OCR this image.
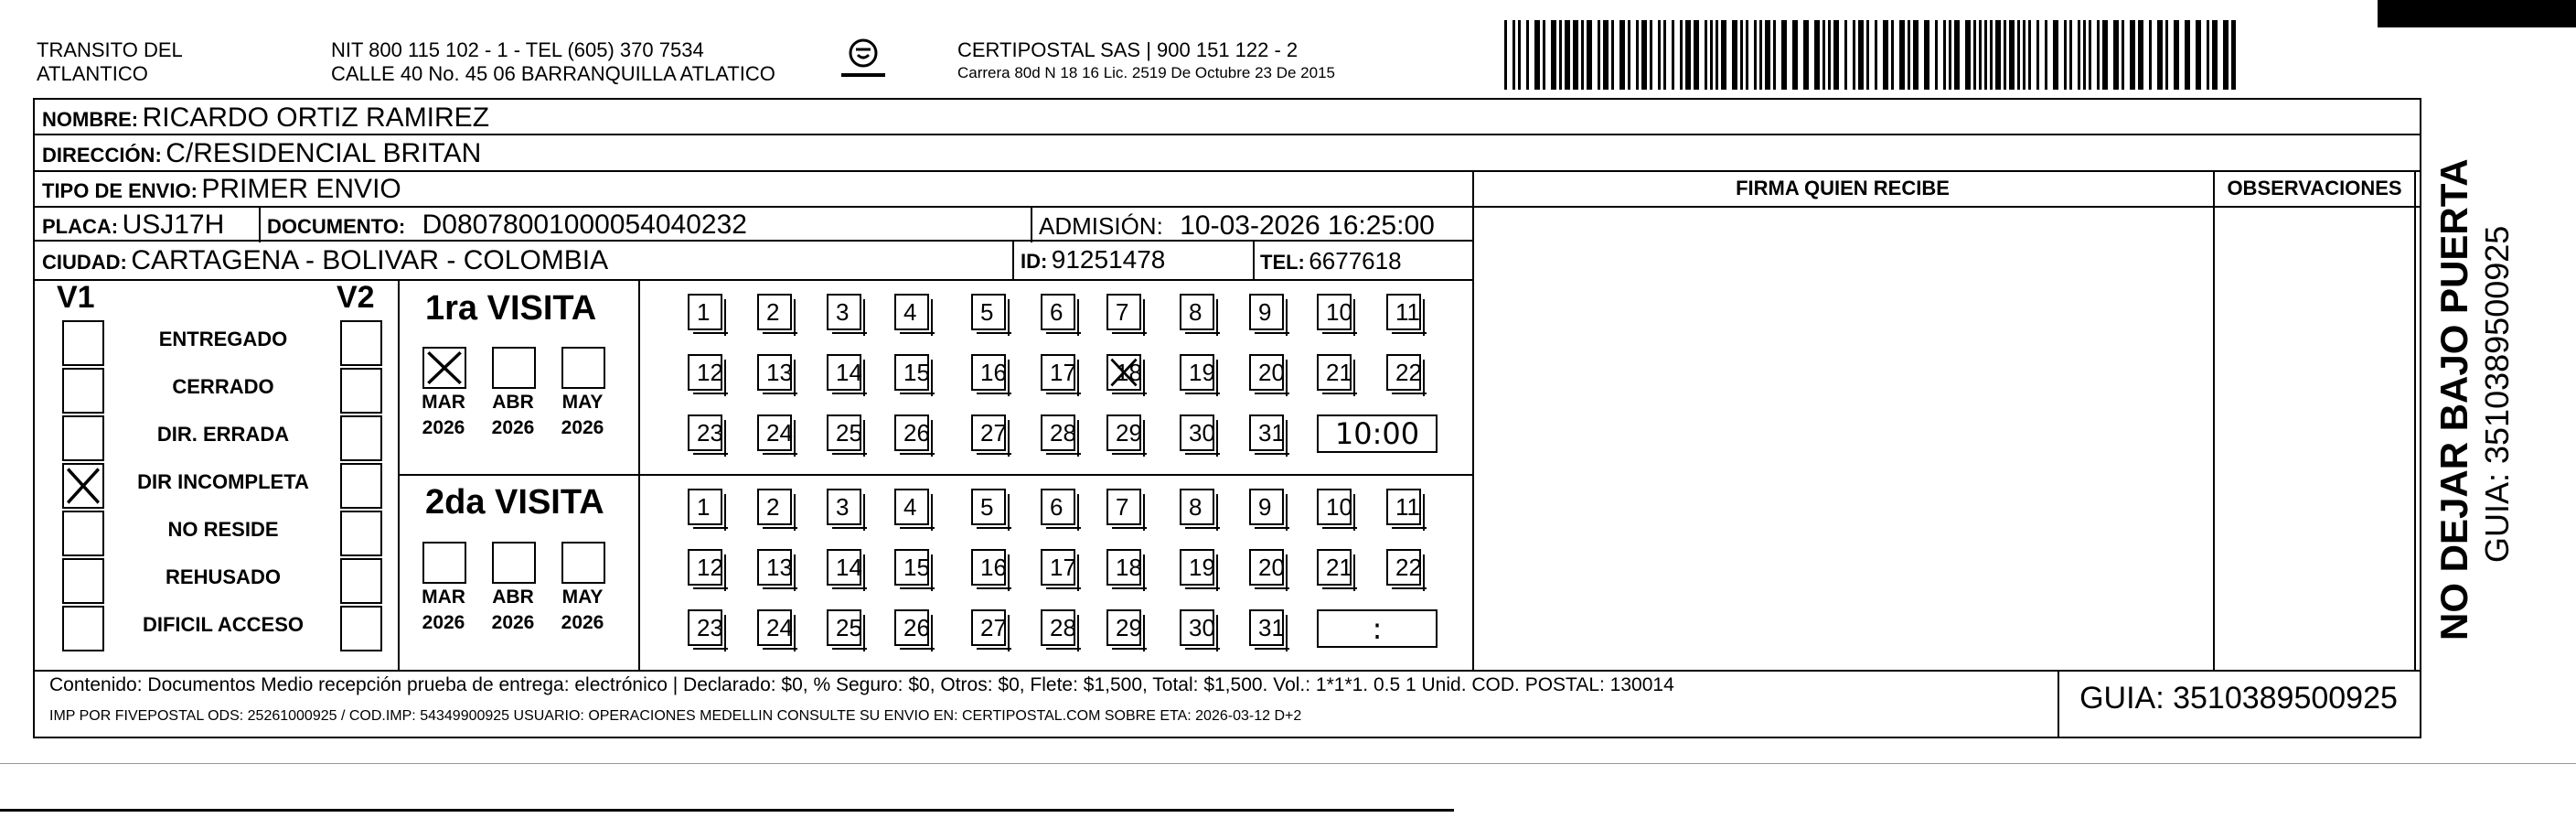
TRANSITO DEL
ATLANTICO
NIT 800 115 102 - 1 - TEL (605) 370 7534
CALLE 40 No. 45 06 BARRANQUILLA ATLATICO
CERTIPOSTAL SAS | 900 151 122 - 2
Carrera 80d N 18 16 Lic. 2519 De Octubre 23 De 2015
NOMBRE: RICARDO ORTIZ RAMIREZ
DIRECCIÓN: C/RESIDENCIAL BRITAN
TIPO DE ENVIO: PRIMER ENVIO
PLACA: USJ17H DOCUMENTO: D08078001000054040232	ADMISIÓN: 10-03-2026 16:25:00
CIUDAD: CARTAGENA - BOLIVAR - COLOMBIA	ID: 91251478	TEL: 6677618
FIRMA QUIEN RECIBE	OBSERVACIONES
V1	V2
ENTREGADO
CERRADO
DIR. ERRADA
DIR INCOMPLETA
NO RESIDE
REHUSADO
DIFICIL ACCESO
1ra VISITA
2da VISITA
MAR
2026
ABR
2026
MAY
2026
1	2	3	4	5	6	7	8	9	10	11
12	13	14	15	16	17	18	19	20	21	22
23	24	25	26	27	28	29	30	31	10:00
MAR
2026
ABR
2026
MAY
2026
1	2	3	4	5	6	7	8	9	10	11
12	13	14	15	16	17	18	19	20	21	22
23	24	25	26	27	28	29	30	31	:
Contenido: Documentos Medio recepción prueba de entrega: electrónico | Declarado: $0, % Seguro: $0, Otros: $0, Flete: $1,500, Total: $1,500. Vol.: 1*1*1. 0.5 1 Unid. COD. POSTAL: 130014
IMP POR FIVEPOSTAL ODS: 25261000925 / COD.IMP: 54349900925 USUARIO: OPERACIONES MEDELLIN CONSULTE SU ENVIO EN: CERTIPOSTAL.COM SOBRE ETA: 2026-03-12 D+2
GUIA: 3510389500925
NO DEJAR BAJO PUERTA GUIA: 3510389500925
